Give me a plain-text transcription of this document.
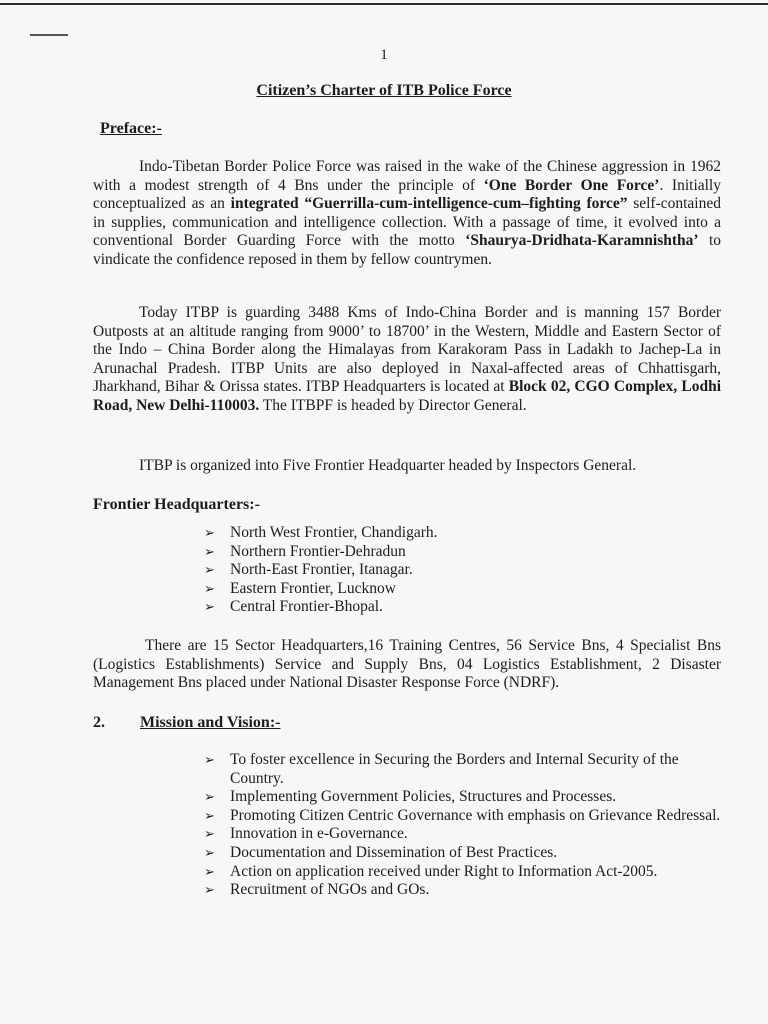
1
Citizen’s Charter of ITB Police Force
Preface:-
Indo-Tibetan Border Police Force was raised in the wake of the Chinese aggression in 1962 with a modest strength of 4 Bns under the principle of ‘One Border One Force’. Initially conceptualized as an integrated “Guerrilla-cum-intelligence-cum–fighting force” self-contained in supplies, communication and intelligence collection. With a passage of time, it evolved into a conventional Border Guarding Force with the motto ‘Shaurya-Dridhata-Karamnishtha’ to vindicate the confidence reposed in them by fellow countrymen.
Today ITBP is guarding 3488 Kms of Indo-China Border and is manning 157 Border Outposts at an altitude ranging from 9000’ to 18700’ in the Western, Middle and Eastern Sector of the Indo – China Border along the Himalayas from Karakoram Pass in Ladakh to Jachep-La in Arunachal Pradesh. ITBP Units are also deployed in Naxal-affected areas of Chhattisgarh, Jharkhand, Bihar & Orissa states. ITBP Headquarters is located at Block 02, CGO Complex, Lodhi Road, New Delhi-110003. The ITBPF is headed by Director General.
ITBP is organized into Five Frontier Headquarter headed by Inspectors General.
Frontier Headquarters:-
➢ North West Frontier, Chandigarh.
➢ Northern Frontier-Dehradun
➢ North-East Frontier, Itanagar.
➢ Eastern Frontier, Lucknow
➢ Central Frontier-Bhopal.
There are 15 Sector Headquarters,16 Training Centres, 56 Service Bns, 4 Specialist Bns (Logistics Establishments) Service and Supply Bns, 04 Logistics Establishment, 2 Disaster Management Bns placed under National Disaster Response Force (NDRF).
2. Mission and Vision:-
➢ To foster excellence in Securing the Borders and Internal Security of the Country.
➢ Implementing Government Policies, Structures and Processes.
➢ Promoting Citizen Centric Governance with emphasis on Grievance Redressal.
➢ Innovation in e-Governance.
➢ Documentation and Dissemination of Best Practices.
➢ Action on application received under Right to Information Act-2005.
➢ Recruitment of NGOs and GOs.
